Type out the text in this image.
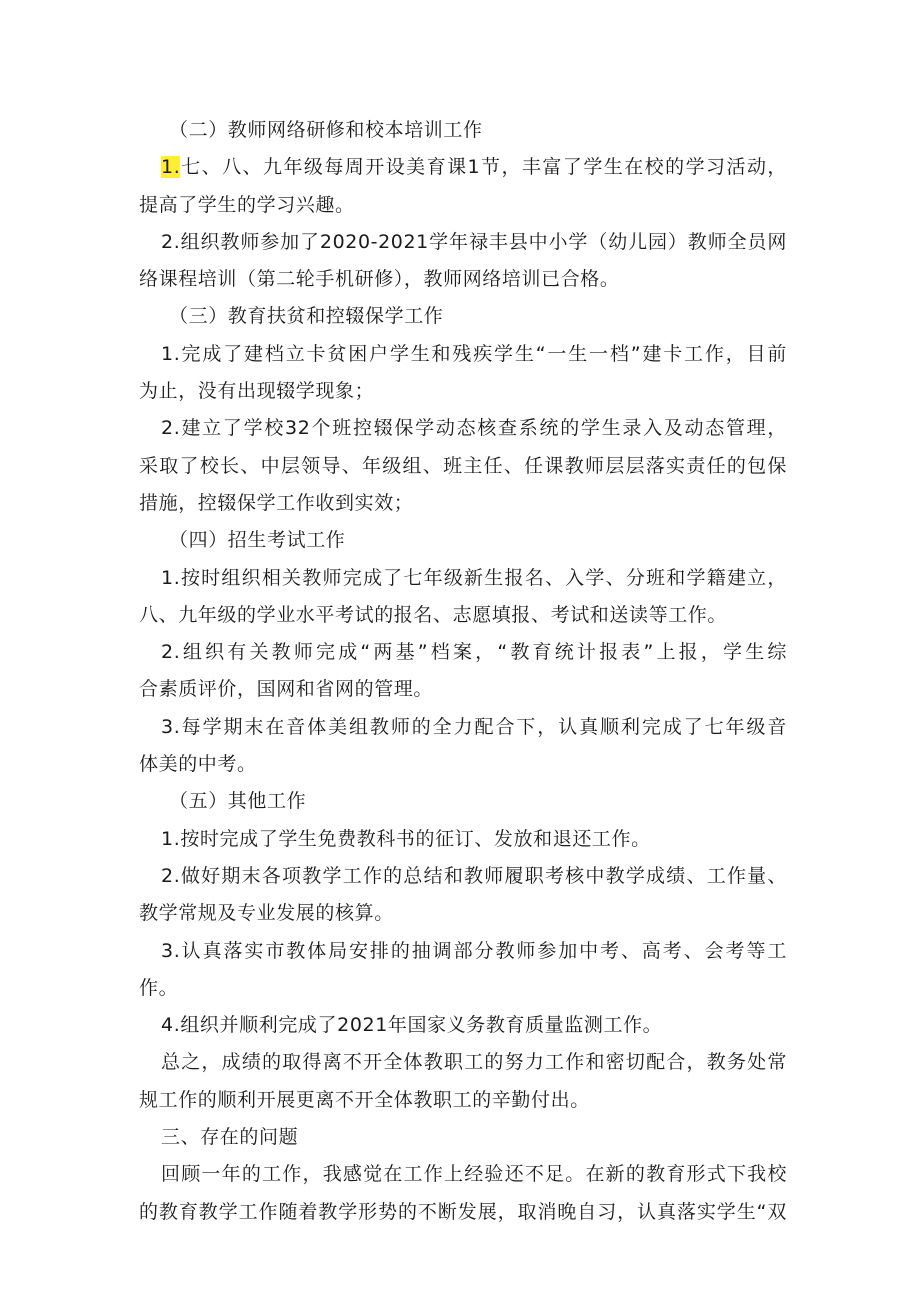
（二）教师网络研修和校本培训工作
1.七、八、九年级每周开设美育课1节，丰富了学生在校的学习活动，
提高了学生的学习兴趣。
2.组织教师参加了2020-2021学年禄丰县中小学（幼儿园）教师全员网
络课程培训（第二轮手机研修），教师网络培训已合格。
（三）教育扶贫和控辍保学工作
1.完成了建档立卡贫困户学生和残疾学生“一生一档”建卡工作，目前
为止，没有出现辍学现象；
2.建立了学校32个班控辍保学动态核查系统的学生录入及动态管理，
采取了校长、中层领导、年级组、班主任、任课教师层层落实责任的包保
措施，控辍保学工作收到实效；
（四）招生考试工作
1.按时组织相关教师完成了七年级新生报名、入学、分班和学籍建立，
八、九年级的学业水平考试的报名、志愿填报、考试和送读等工作。
2.组织有关教师完成“两基”档案，“教育统计报表”上报，学生综
合素质评价，国网和省网的管理。
3.每学期末在音体美组教师的全力配合下，认真顺利完成了七年级音
体美的中考。
（五）其他工作
1.按时完成了学生免费教科书的征订、发放和退还工作。
2.做好期末各项教学工作的总结和教师履职考核中教学成绩、工作量、
教学常规及专业发展的核算。
3.认真落实市教体局安排的抽调部分教师参加中考、高考、会考等工
作。
4.组织并顺利完成了2021年国家义务教育质量监测工作。
总之，成绩的取得离不开全体教职工的努力工作和密切配合，教务处常
规工作的顺利开展更离不开全体教职工的辛勤付出。
三、存在的问题
回顾一年的工作，我感觉在工作上经验还不足。在新的教育形式下我校
的教育教学工作随着教学形势的不断发展，取消晚自习，认真落实学生“双
